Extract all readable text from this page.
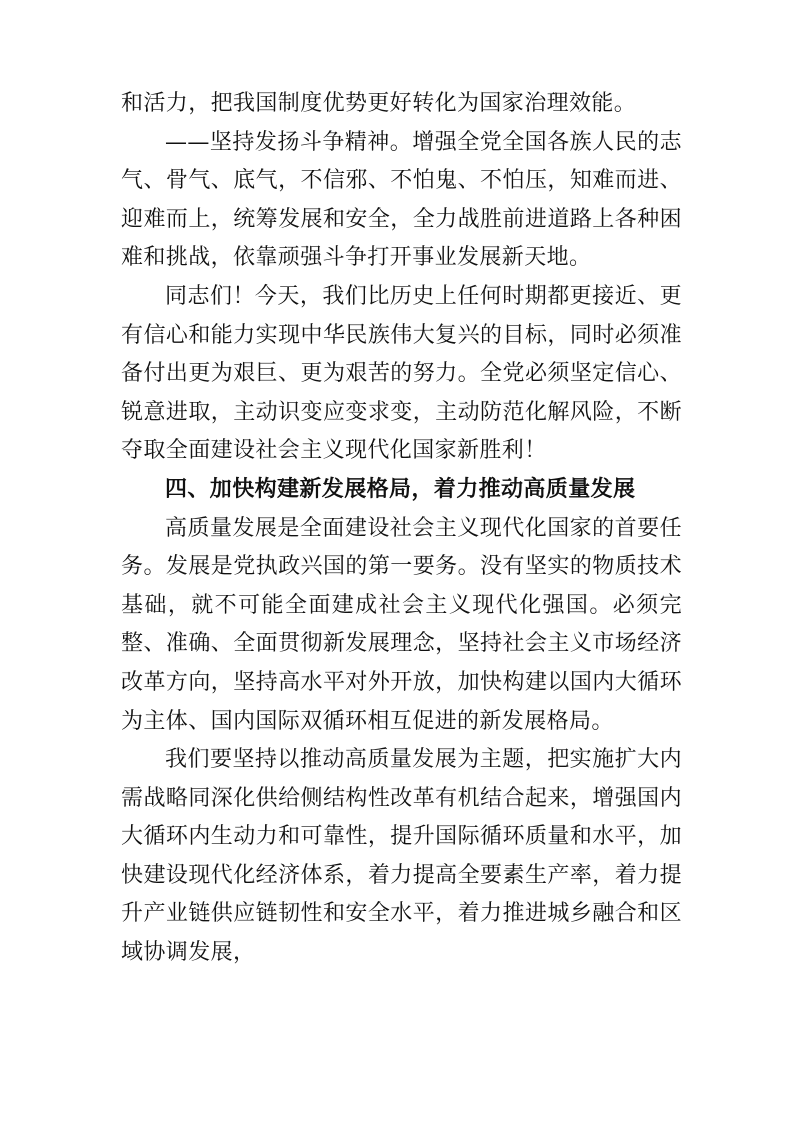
和活力，把我国制度优势更好转化为国家治理效能。

——坚持发扬斗争精神。增强全党全国各族人民的志气、骨气、底气，不信邪、不怕鬼、不怕压，知难而进、迎难而上，统筹发展和安全，全力战胜前进道路上各种困难和挑战，依靠顽强斗争打开事业发展新天地。

同志们！今天，我们比历史上任何时期都更接近、更有信心和能力实现中华民族伟大复兴的目标，同时必须准备付出更为艰巨、更为艰苦的努力。全党必须坚定信心、锐意进取，主动识变应变求变，主动防范化解风险，不断夺取全面建设社会主义现代化国家新胜利！

四、加快构建新发展格局，着力推动高质量发展

高质量发展是全面建设社会主义现代化国家的首要任务。发展是党执政兴国的第一要务。没有坚实的物质技术基础，就不可能全面建成社会主义现代化强国。必须完整、准确、全面贯彻新发展理念，坚持社会主义市场经济改革方向，坚持高水平对外开放，加快构建以国内大循环为主体、国内国际双循环相互促进的新发展格局。

我们要坚持以推动高质量发展为主题，把实施扩大内需战略同深化供给侧结构性改革有机结合起来，增强国内大循环内生动力和可靠性，提升国际循环质量和水平，加快建设现代化经济体系，着力提高全要素生产率，着力提升产业链供应链韧性和安全水平，着力推进城乡融合和区域协调发展，
